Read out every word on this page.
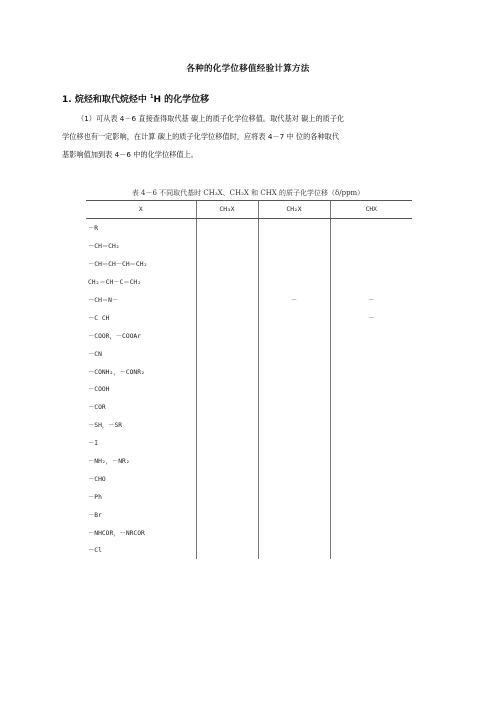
各种的化学位移值经验计算方法
1. 烷烃和取代烷烃中 $^1$H 的化学位移
（1）可从表 4－6 直接查得取代基 碳上的质子化学位移值。取代基对 碳上的质子化
学位移也有一定影响，在计算 碳上的质子化学位移值时，应将表 4－7 中 位的各种取代
基影响值加到表 4－6 中的化学位移值上。
表 4－6 不同取代基时 CH₃X、CH₂X 和 CHX 的质子化学位移（δ/ppm）
X	CH₃X	CH₂X	CHX
－R			
－CH＝CH₂			
－CH＝CH－CH＝CH₂			
CH₂＝CH－C＝CH₂			
－CH＝N－		－	－
－C CH			－
－COOR，－COOAr			
－CN			
－CONH₂，－CONR₂			
－COOH			
－COR			
－SH，－SR			
－I			
－NH₂，－NR₂			
－CHO			
－Ph			
－Br			
－NHCOR，－NRCOR			
－Cl			
